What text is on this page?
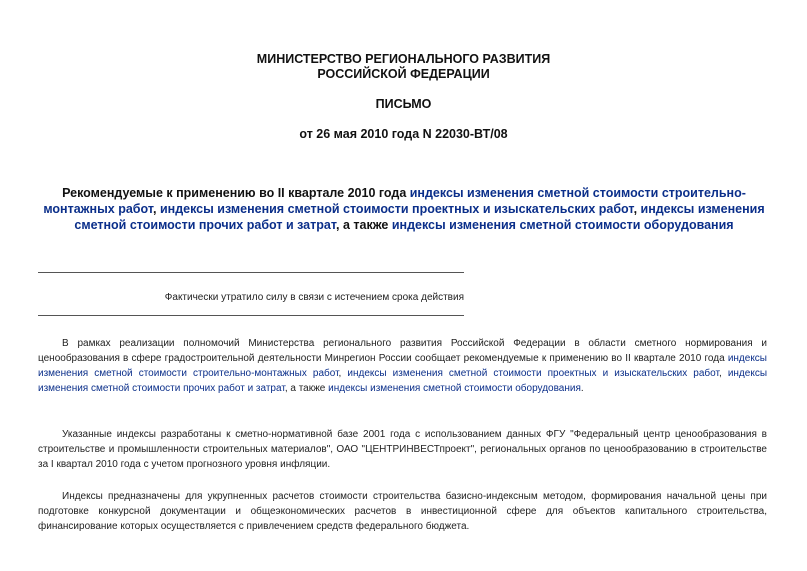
МИНИСТЕРСТВО РЕГИОНАЛЬНОГО РАЗВИТИЯ
РОССИЙСКОЙ ФЕДЕРАЦИИ
ПИСЬМО
от 26 мая 2010 года N 22030-ВТ/08
Рекомендуемые к применению во II квартале 2010 года индексы изменения сметной стоимости строительно-монтажных работ, индексы изменения сметной стоимости проектных и изыскательских работ, индексы изменения сметной стоимости прочих работ и затрат, а также индексы изменения сметной стоимости оборудования
Фактически утратило силу в связи с истечением срока действия
В рамках реализации полномочий Министерства регионального развития Российской Федерации в области сметного нормирования и ценообразования в сфере градостроительной деятельности Минрегион России сообщает рекомендуемые к применению во II квартале 2010 года индексы изменения сметной стоимости строительно-монтажных работ, индексы изменения сметной стоимости проектных и изыскательских работ, индексы изменения сметной стоимости прочих работ и затрат, а также индексы изменения сметной стоимости оборудования.
Указанные индексы разработаны к сметно-нормативной базе 2001 года с использованием данных ФГУ "Федеральный центр ценообразования в строительстве и промышленности строительных материалов", ОАО "ЦЕНТРИНВЕСТпроект", региональных органов по ценообразованию в строительстве за I квартал 2010 года с учетом прогнозного уровня инфляции.
Индексы предназначены для укрупненных расчетов стоимости строительства базисно-индексным методом, формирования начальной цены при подготовке конкурсной документации и общеэкономических расчетов в инвестиционной сфере для объектов капитального строительства, финансирование которых осуществляется с привлечением средств федерального бюджета.
